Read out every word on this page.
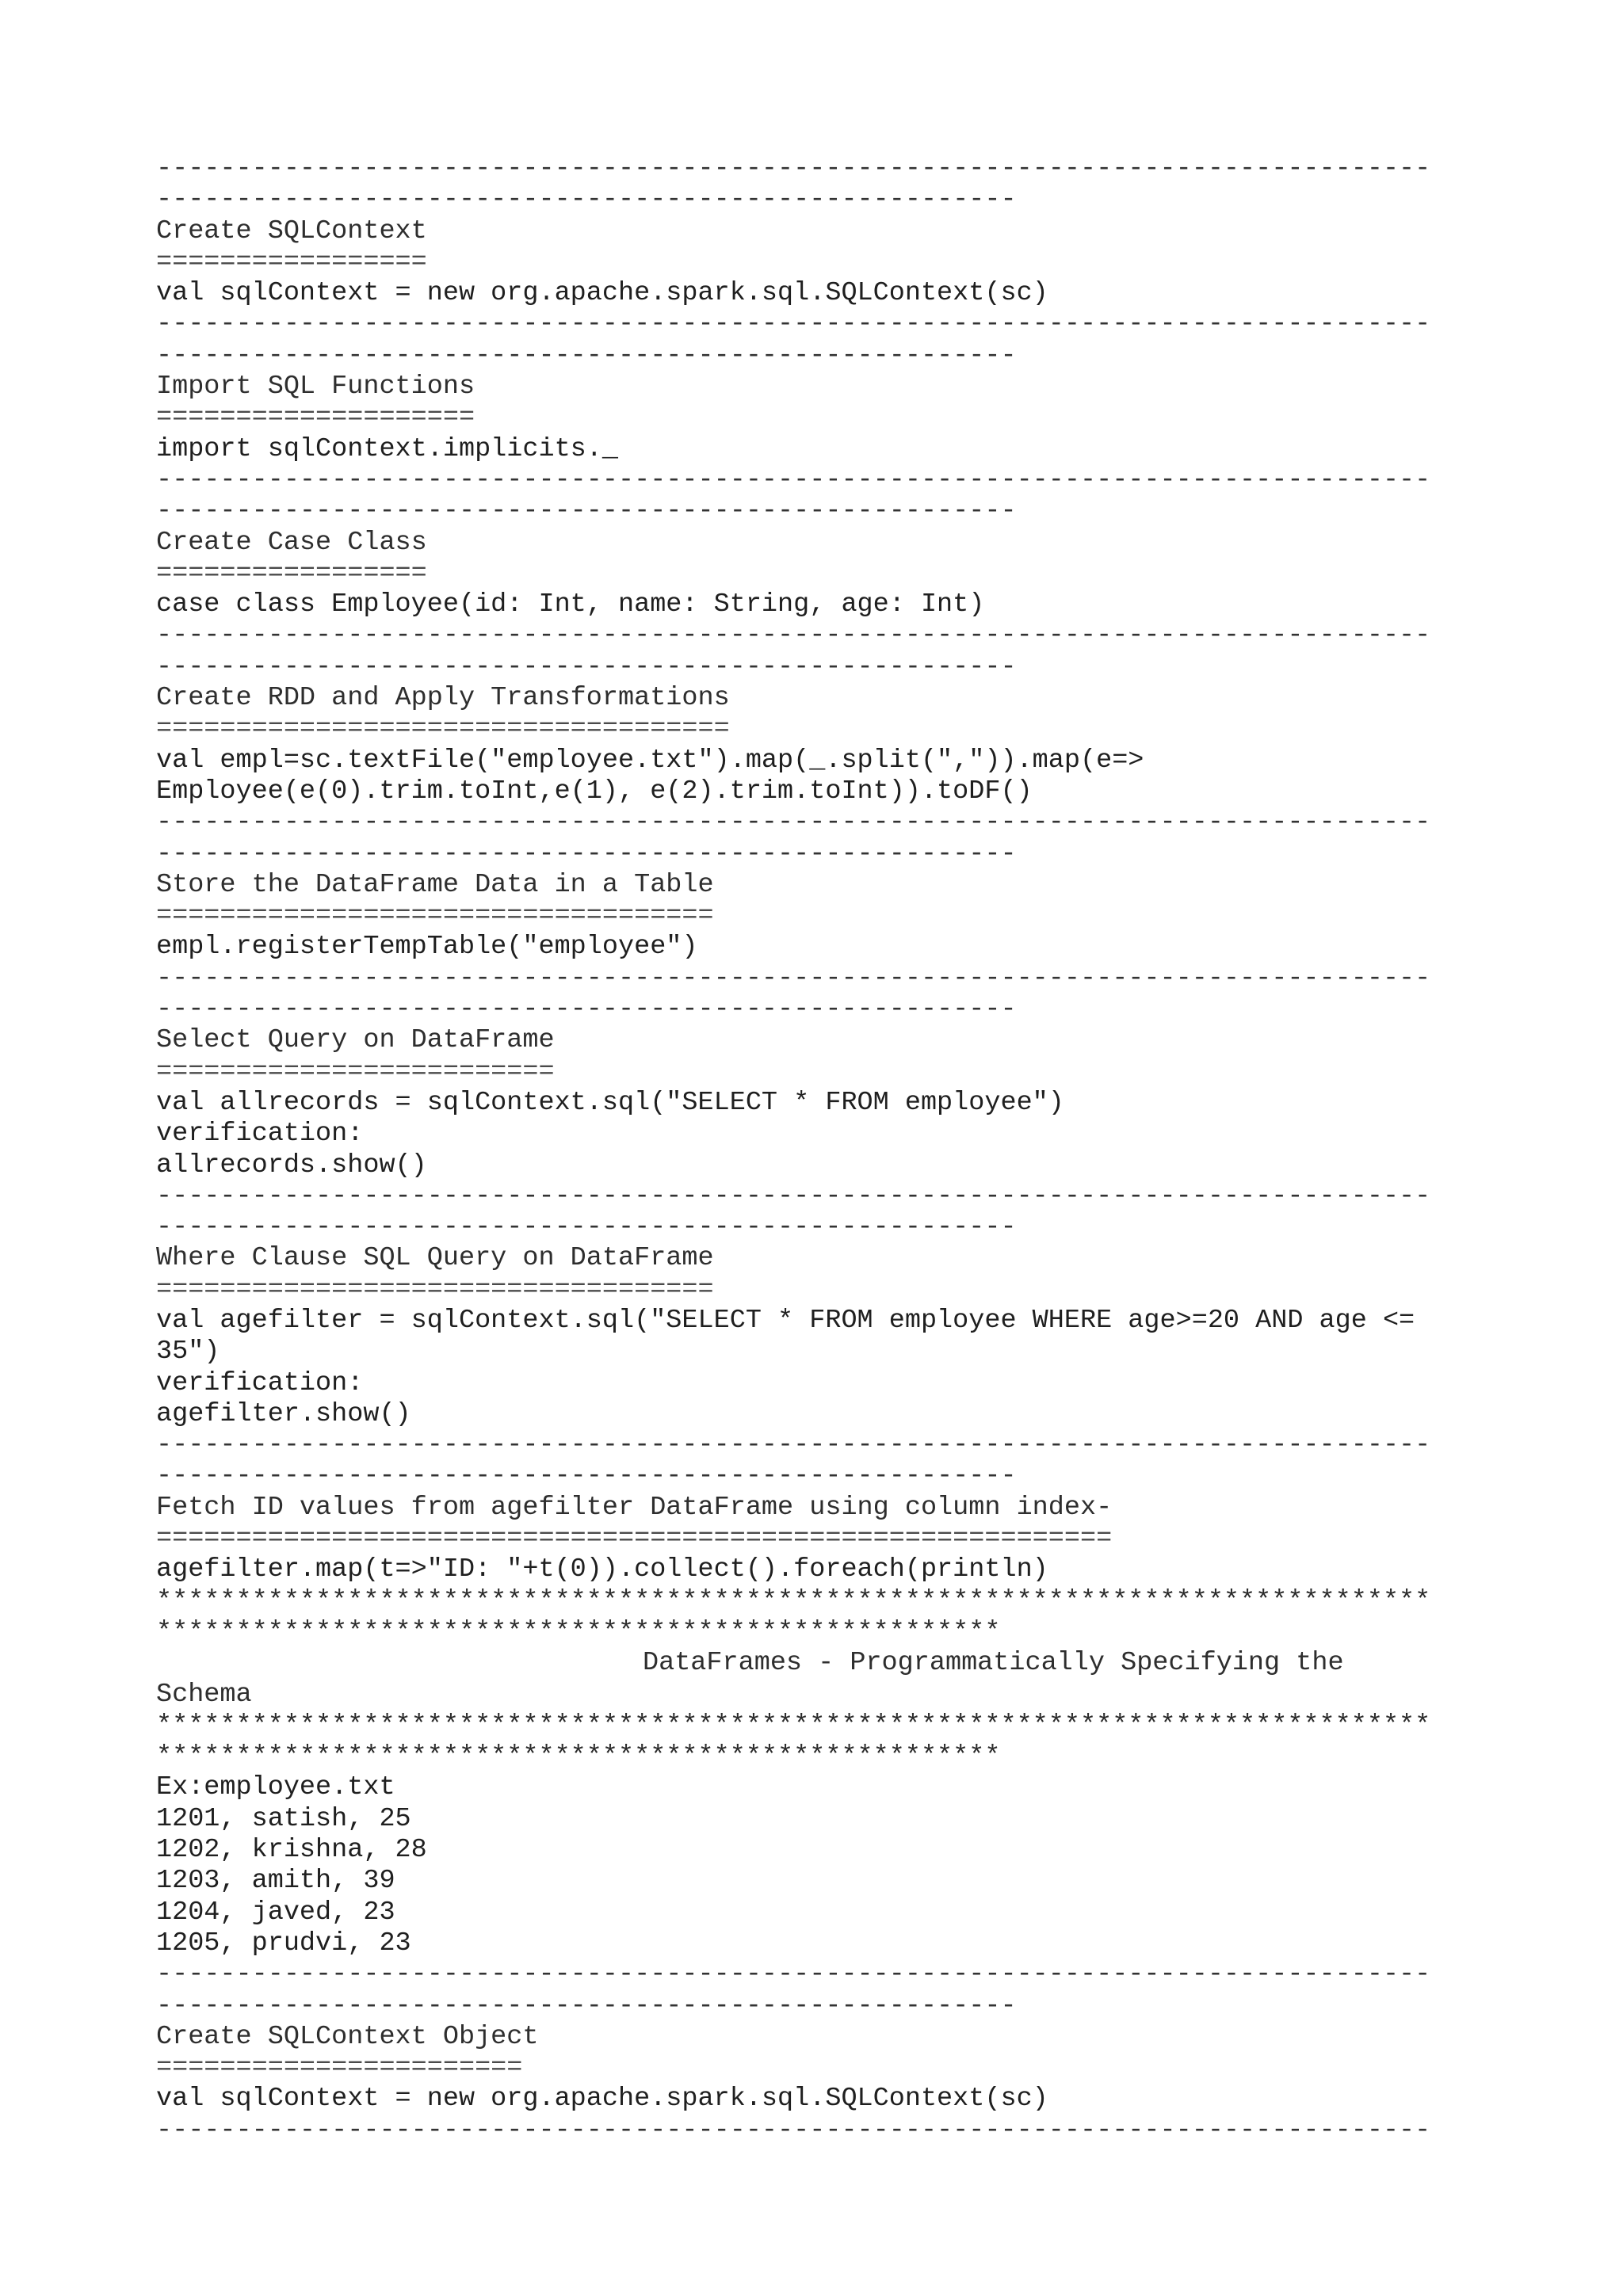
--------------------------------------------------------------------------------
------------------------------------------------------
Create SQLContext
=================
val sqlContext = new org.apache.spark.sql.SQLContext(sc)
--------------------------------------------------------------------------------
------------------------------------------------------
Import SQL Functions
====================
import sqlContext.implicits._
--------------------------------------------------------------------------------
------------------------------------------------------
Create Case Class
=================
case class Employee(id: Int, name: String, age: Int)
--------------------------------------------------------------------------------
------------------------------------------------------
Create RDD and Apply Transformations
====================================
val empl=sc.textFile("employee.txt").map(_.split(",")).map(e=>
Employee(e(0).trim.toInt,e(1), e(2).trim.toInt)).toDF()
--------------------------------------------------------------------------------
------------------------------------------------------
Store the DataFrame Data in a Table
===================================
empl.registerTempTable("employee")
--------------------------------------------------------------------------------
------------------------------------------------------
Select Query on DataFrame
=========================
val allrecords = sqlContext.sql("SELECT * FROM employee")
verification:
allrecords.show()
--------------------------------------------------------------------------------
------------------------------------------------------
Where Clause SQL Query on DataFrame
===================================
val agefilter = sqlContext.sql("SELECT * FROM employee WHERE age>=20 AND age <=
35")
verification:
agefilter.show()
--------------------------------------------------------------------------------
------------------------------------------------------
Fetch ID values from agefilter DataFrame using column index-
============================================================
agefilter.map(t=>"ID: "+t(0)).collect().foreach(println)
********************************************************************************
*****************************************************
DataFrames - Programmatically Specifying the
Schema
********************************************************************************
*****************************************************
Ex:employee.txt
1201, satish, 25
1202, krishna, 28
1203, amith, 39
1204, javed, 23
1205, prudvi, 23
--------------------------------------------------------------------------------
------------------------------------------------------
Create SQLContext Object
=======================
val sqlContext = new org.apache.spark.sql.SQLContext(sc)
--------------------------------------------------------------------------------
